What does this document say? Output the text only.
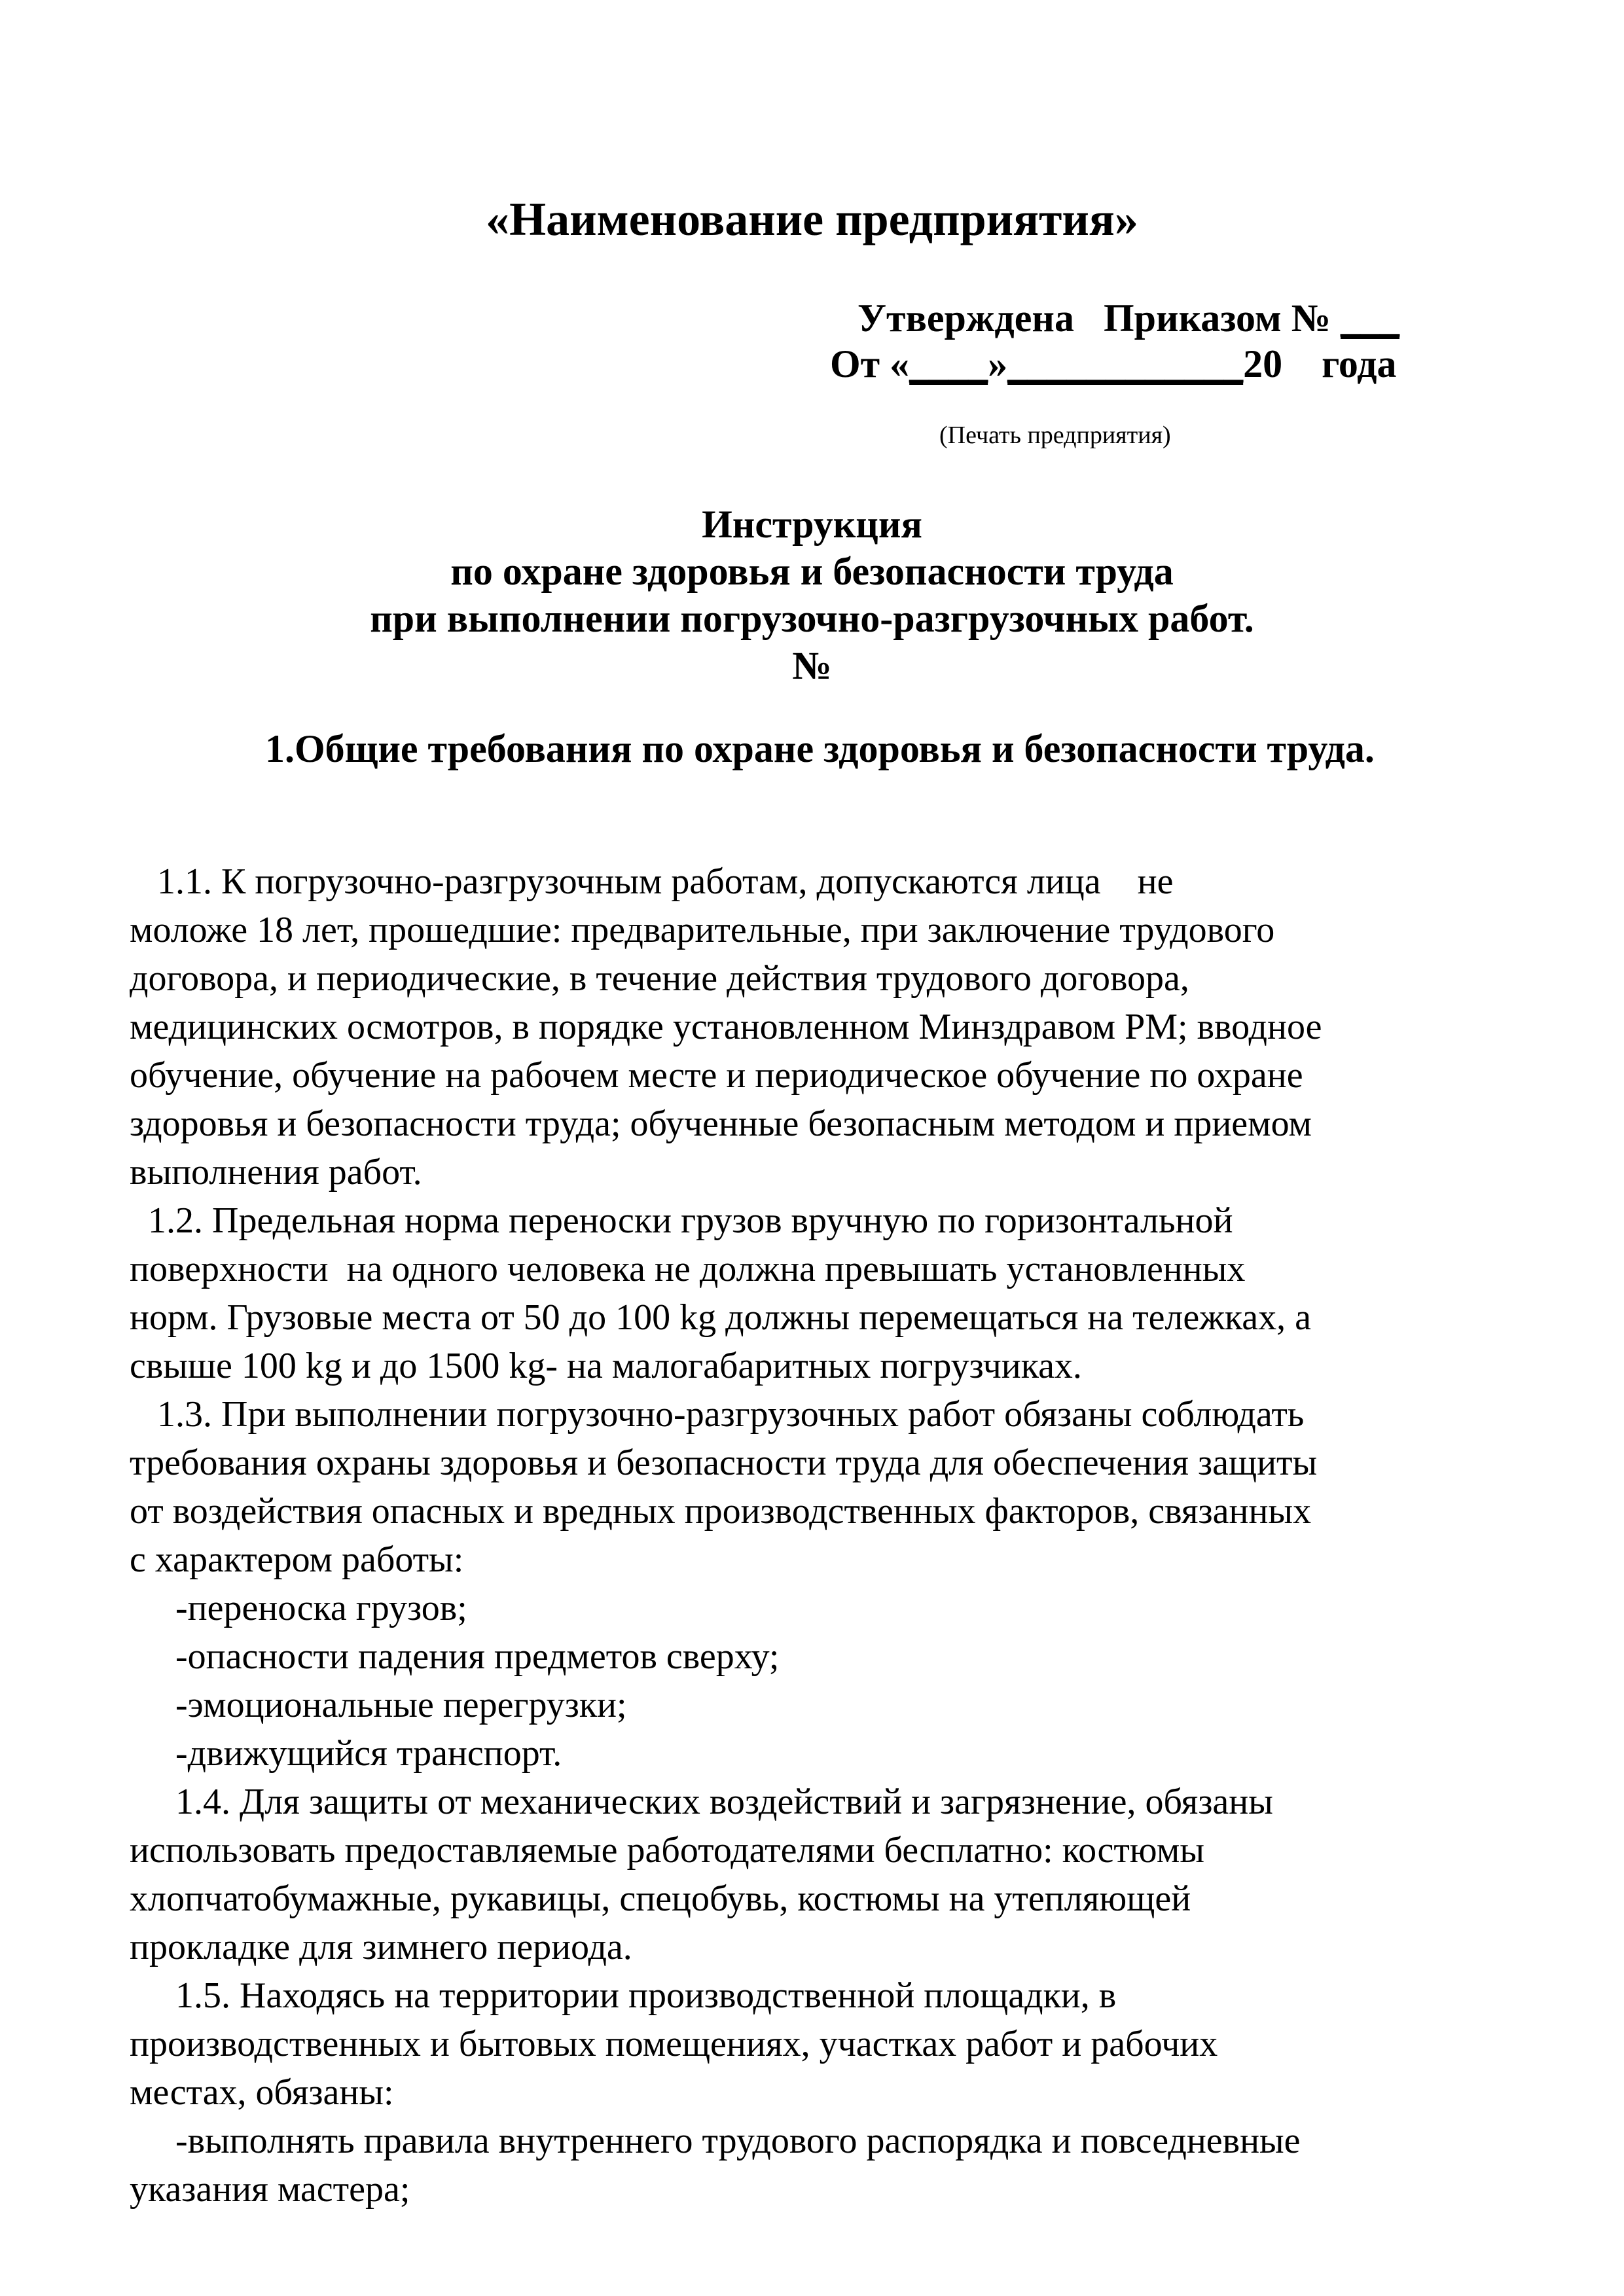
«Наименование предприятия»
Утверждена   Приказом № ___
От «____»____________20    года
(Печать предприятия)
Инструкция
по охране здоровья и безопасности труда
при выполнении погрузочно-разгрузочных работ.
№
1.Общие требования по охране здоровья и безопасности труда.
1.1. К погрузочно-разгрузочным работам, допускаются лица    не
моложе 18 лет, прошедшие: предварительные, при заключение трудового
договора, и периодические, в течение действия трудового договора,
медицинских осмотров, в порядке установленном Минздравом РМ; вводное
обучение, обучение на рабочем месте и периодическое обучение по охране
здоровья и безопасности труда; обученные безопасным методом и приемом
выполнения работ.
1.2. Предельная норма переноски грузов вручную по горизонтальной
поверхности  на одного человека не должна превышать установленных
норм. Грузовые места от 50 до 100 kg должны перемещаться на тележках, а
свыше 100 kg и до 1500 kg- на малогабаритных погрузчиках.
1.3. При выполнении погрузочно-разгрузочных работ обязаны соблюдать
требования охраны здоровья и безопасности труда для обеспечения защиты
от воздействия опасных и вредных производственных факторов, связанных
с характером работы:
-переноска грузов;
-опасности падения предметов сверху;
-эмоциональные перегрузки;
-движущийся транспорт.
1.4. Для защиты от механических воздействий и загрязнение, обязаны
использовать предоставляемые работодателями бесплатно: костюмы
хлопчатобумажные, рукавицы, спецобувь, костюмы на утепляющей
прокладке для зимнего периода.
1.5. Находясь на территории производственной площадки, в
производственных и бытовых помещениях, участках работ и рабочих
местах, обязаны:
-выполнять правила внутреннего трудового распорядка и повседневные
указания мастера;
